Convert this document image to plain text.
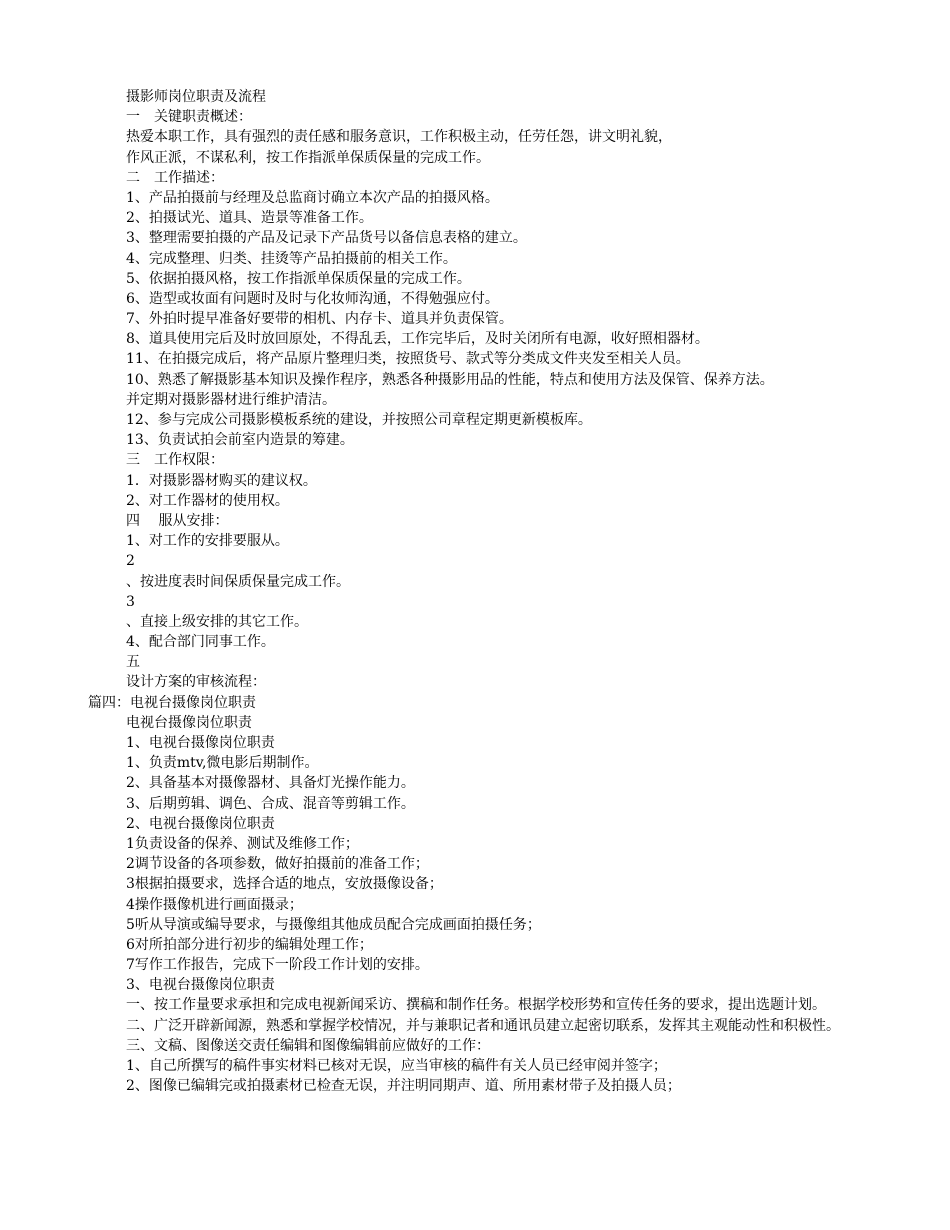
摄影师岗位职责及流程
一　关键职责概述：
热爱本职工作，具有强烈的责任感和服务意识，工作积极主动，任劳任怨，讲文明礼貌，
作风正派，不谋私利，按工作指派单保质保量的完成工作。
二　工作描述：
1、产品拍摄前与经理及总监商讨确立本次产品的拍摄风格。
2、拍摄试光、道具、造景等准备工作。
3、整理需要拍摄的产品及记录下产品货号以备信息表格的建立。
4、完成整理、归类、挂烫等产品拍摄前的相关工作。
5、依据拍摄风格，按工作指派单保质保量的完成工作。
6、造型或妆面有问题时及时与化妆师沟通，不得勉强应付。
7、外拍时提早准备好要带的相机、内存卡、道具并负责保管。
8、道具使用完后及时放回原处，不得乱丢，工作完毕后，及时关闭所有电源，收好照相器材。
11、在拍摄完成后，将产品原片整理归类，按照货号、款式等分类成文件夹发至相关人员。
10、熟悉了解摄影基本知识及操作程序，熟悉各种摄影用品的性能，特点和使用方法及保管、保养方法。
并定期对摄影器材进行维护清洁。
12、参与完成公司摄影模板系统的建设，并按照公司章程定期更新模板库。
13、负责试拍会前室内造景的筹建。
三　工作权限：
1．对摄影器材购买的建议权。
2、对工作器材的使用权。
四　 服从安排：
1、对工作的安排要服从。
2
、按进度表时间保质保量完成工作。
3
、直接上级安排的其它工作。
4、配合部门同事工作。
五
设计方案的审核流程：
篇四：电视台摄像岗位职责
电视台摄像岗位职责
1、电视台摄像岗位职责
1、负责mtv,微电影后期制作。
2、具备基本对摄像器材、具备灯光操作能力。
3、后期剪辑、调色、合成、混音等剪辑工作。
2、电视台摄像岗位职责
1负责设备的保养、测试及维修工作；
2调节设备的各项参数，做好拍摄前的准备工作；
3根据拍摄要求，选择合适的地点，安放摄像设备；
4操作摄像机进行画面摄录；
5听从导演或编导要求，与摄像组其他成员配合完成画面拍摄任务；
6对所拍部分进行初步的编辑处理工作；
7写作工作报告，完成下一阶段工作计划的安排。
3、电视台摄像岗位职责
一、按工作量要求承担和完成电视新闻采访、撰稿和制作任务。根据学校形势和宣传任务的要求，提出选题计划。
二、广泛开辟新闻源，熟悉和掌握学校情况，并与兼职记者和通讯员建立起密切联系，发挥其主观能动性和积极性。
三、文稿、图像送交责任编辑和图像编辑前应做好的工作：
1、自己所撰写的稿件事实材料已核对无误，应当审核的稿件有关人员已经审阅并签字；
2、图像已编辑完或拍摄素材已检查无误，并注明同期声、道、所用素材带子及拍摄人员；
